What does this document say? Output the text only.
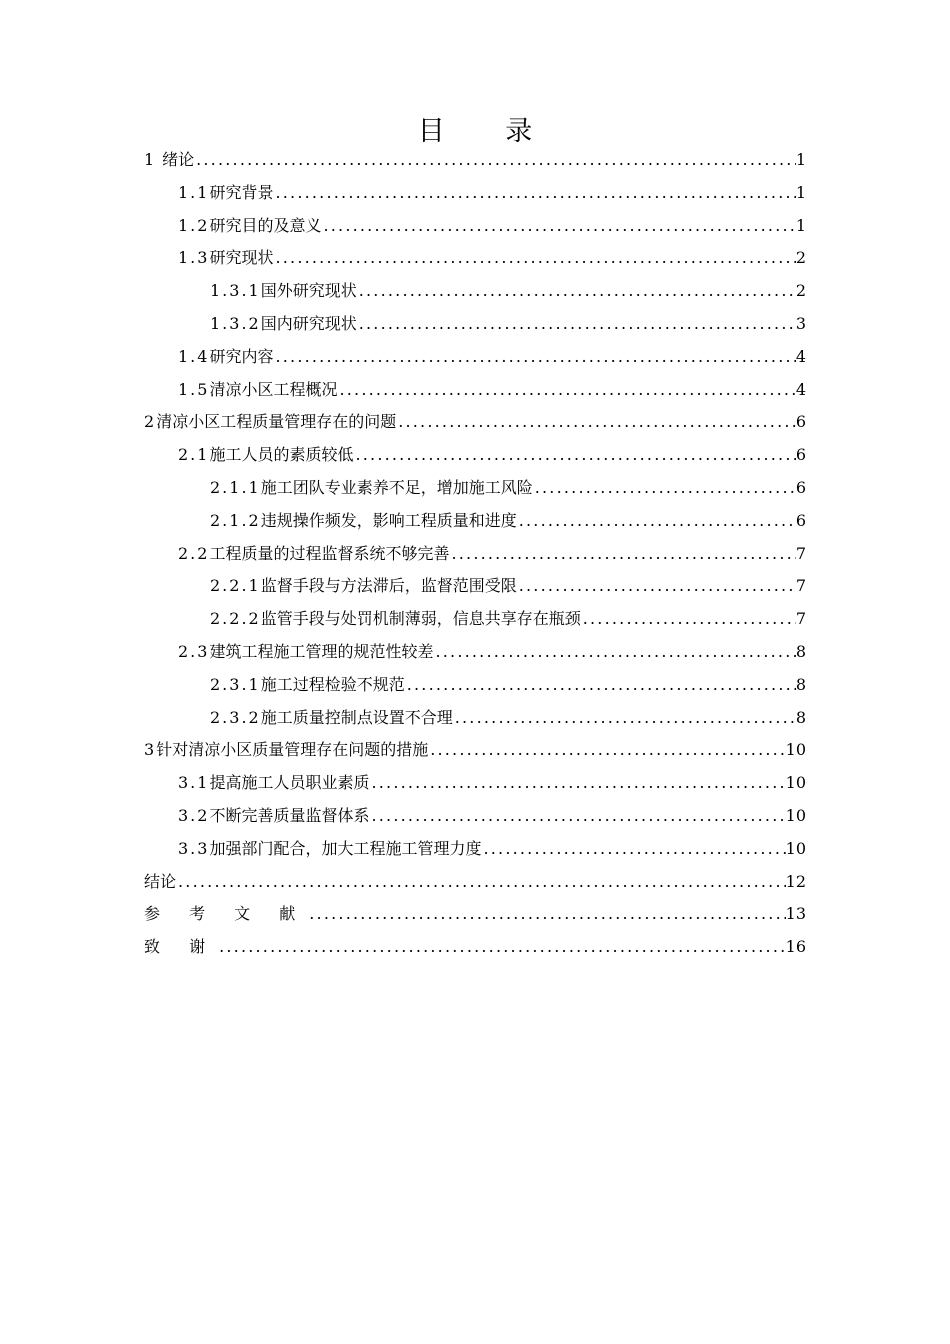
目 录
1 绪论 .....	1
1.1 研究背景 .....	1
1.2 研究目的及意义 .....	1
1.3 研究现状 .....	2
1.3.1 国外研究现状 .....	2
1.3.2 国内研究现状 .....	3
1.4 研究内容 .....	4
1.5 清凉小区工程概况 .....	4
2 清凉小区工程质量管理存在的问题 .....	6
2.1 施工人员的素质较低 .....	6
2.1.1 施工团队专业素养不足，增加施工风险 .....	6
2.1.2 违规操作频发，影响工程质量和进度 .....	6
2.2 工程质量的过程监督系统不够完善 .....	7
2.2.1 监督手段与方法滞后，监督范围受限 .....	7
2.2.2 监管手段与处罚机制薄弱，信息共享存在瓶颈 .....	7
2.3 建筑工程施工管理的规范性较差 .....	8
2.3.1 施工过程检验不规范 .....	8
2.3.2 施工质量控制点设置不合理 .....	8
3 针对清凉小区质量管理存在问题的措施 .....	10
3.1 提高施工人员职业素质 .....	10
3.2 不断完善质量监督体系 .....	10
3.3 加强部门配合，加大工程施工管理力度 .....	10
结论 .....	12
参 考 文 献 .....	13
致 谢 .....	16
